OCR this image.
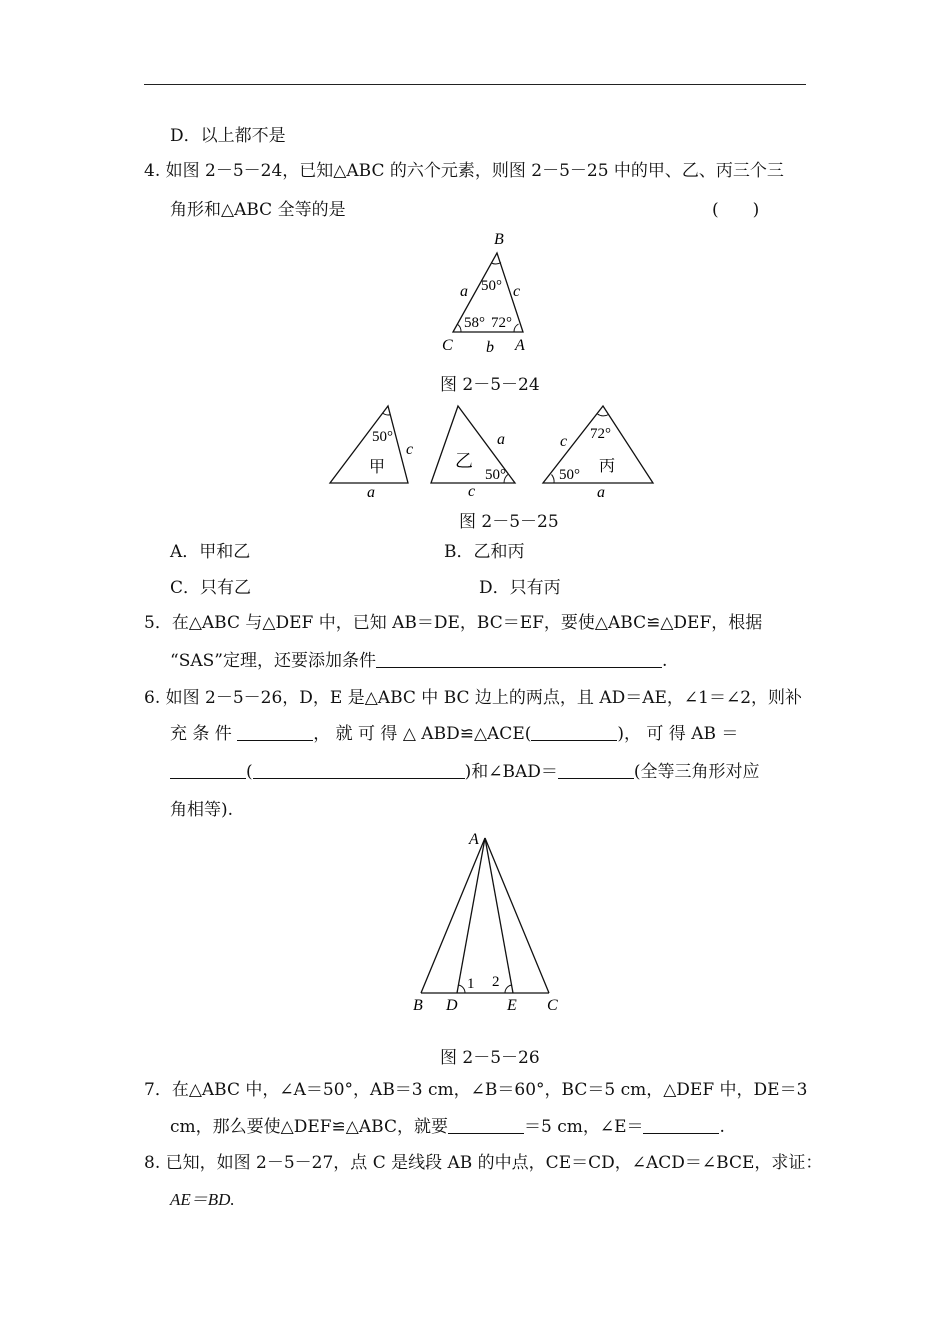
D．以上都不是
4. 如图 2－5－24，已知△ABC 的六个元素，则图 2－5－25 中的甲、乙、丙三个三
角形和△ABC 全等的是	(　　)
B
C	A
a
b
c
50°
58° 72°
图 2－5－24
50°
甲
c
a
50°
乙
a
c
72°
50° 丙
c
a
图 2－5－25
A．甲和乙	B．乙和丙
C．只有乙	D．只有丙
5．在△ABC 与△DEF 中，已知 AB＝DE，BC＝EF，要使△ABC≌△DEF，根据
“SAS”定理，还要添加条件	.
6. 如图 2－5－26，D，E 是△ABC 中 BC 边上的两点，且 AD＝AE，∠1＝∠2，则补
充 条 件	， 就 可 得 △ ABD≌△ACE(	)， 可 得 AB ＝
(	)和∠BAD＝	(全等三角形对应
角相等).
A
B D	E C
1 2
图 2－5－26
7．在△ABC 中，∠A＝50°，AB＝3 cm，∠B＝60°，BC＝5 cm，△DEF 中，DE＝3
cm，那么要使△DEF≌△ABC，就要	＝5 cm，∠E＝	.
8. 已知，如图 2－5－27，点 C 是线段 AB 的中点，CE＝CD，∠ACD＝∠BCE，求证：
AE＝BD.
